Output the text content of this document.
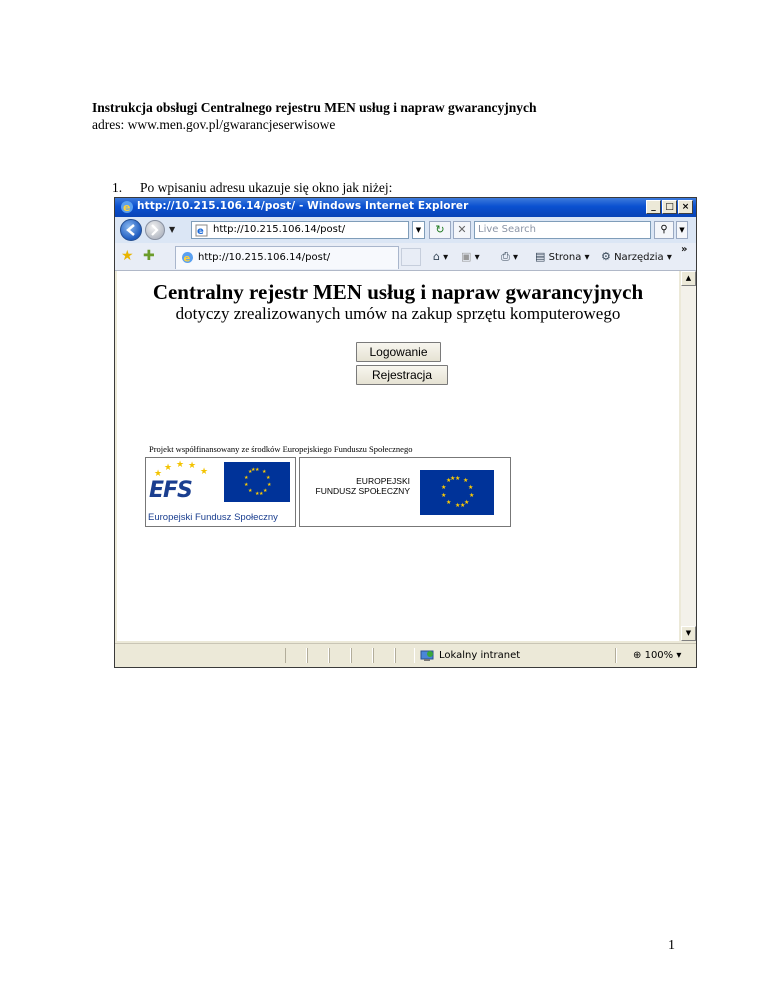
Instrukcja obsługi Centralnego rejestru MEN usług i napraw gwarancyjnych
adres: www.men.gov.pl/gwarancjeserwisowe
1. Po wpisaniu adresu ukazuje się okno jak niżej:
e http://10.215.106.14/post/ - Windows Internet Explorer	_	□ ×
▼ e http://10.215.106.14/post/	▼	↻	✕	Live Search	⚲	▼
★ ✚	e http://10.215.106.14/post/	⌂ ▾ ▣ ▾ ⎙ ▾ ▤ Strona ▾ ⚙ Narzędzia ▾
»
Centralny rejestr MEN usług i napraw gwarancyjnych
dotyczy zrealizowanych umów na zakup sprzętu komputerowego
Logowanie
Rejestracja
Projekt współfinansowany ze środków Europejskiego Funduszu Społecznego
★
★ ★ ★
★
EFS
★ ★
★
★
★
★
★
★
★
★
★
★
Europejski Fundusz Społeczny
EUROPEJSKI
FUNDUSZ SPOŁECZNY
★ ★
★
★
★
★
★
★
★
★
★
★
▲
▼
Lokalny intranet	⊕ 100% ▾
1
